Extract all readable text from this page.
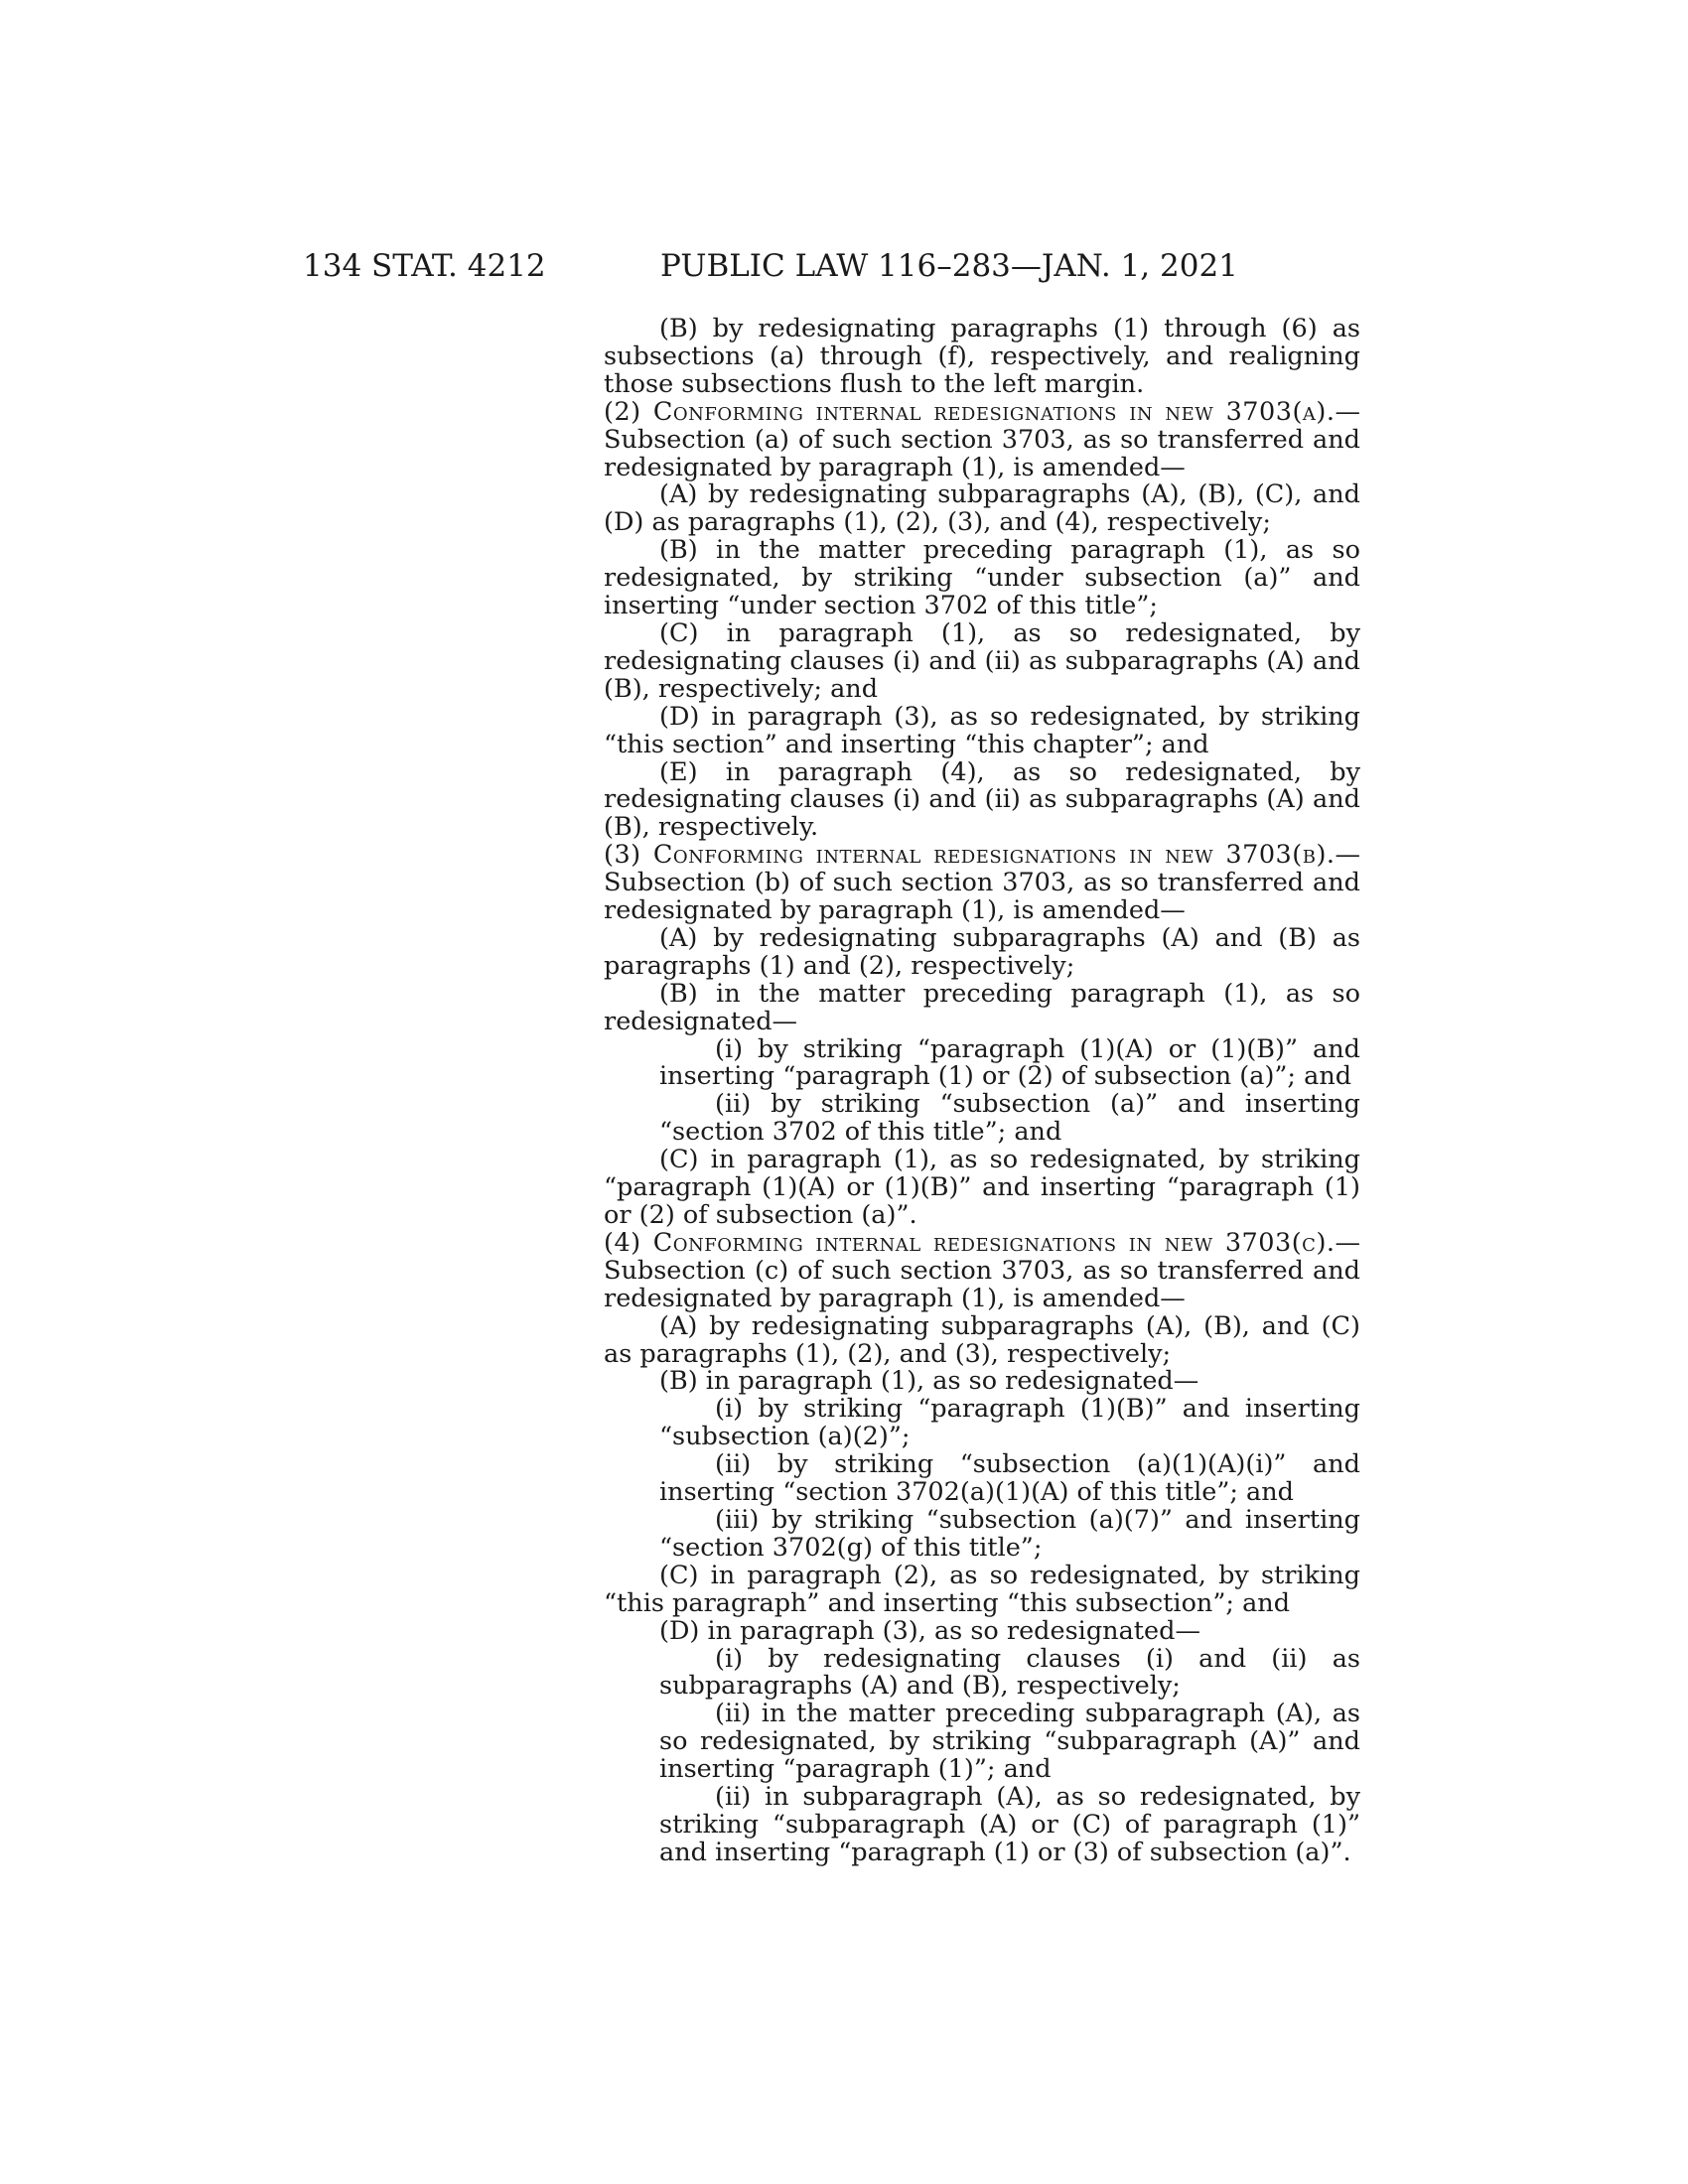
134 STAT. 4212	PUBLIC LAW 116–283—JAN. 1, 2021
(B) by redesignating paragraphs (1) through (6) as subsections (a) through (f), respectively, and realigning those subsections flush to the left margin.
(2) Conforming internal redesignations in new 3703(a).—Subsection (a) of such section 3703, as so transferred and redesignated by paragraph (1), is amended—
(A) by redesignating subparagraphs (A), (B), (C), and (D) as paragraphs (1), (2), (3), and (4), respectively;
(B) in the matter preceding paragraph (1), as so redesignated, by striking “under subsection (a)” and inserting “under section 3702 of this title”;
(C) in paragraph (1), as so redesignated, by redesignating clauses (i) and (ii) as subparagraphs (A) and (B), respectively; and
(D) in paragraph (3), as so redesignated, by striking “this section” and inserting “this chapter”; and
(E) in paragraph (4), as so redesignated, by redesignating clauses (i) and (ii) as subparagraphs (A) and (B), respectively.
(3) Conforming internal redesignations in new 3703(b).—Subsection (b) of such section 3703, as so transferred and redesignated by paragraph (1), is amended—
(A) by redesignating subparagraphs (A) and (B) as paragraphs (1) and (2), respectively;
(B) in the matter preceding paragraph (1), as so redesignated—
(i) by striking “paragraph (1)(A) or (1)(B)” and inserting “paragraph (1) or (2) of subsection (a)”; and
(ii) by striking “subsection (a)” and inserting “section 3702 of this title”; and
(C) in paragraph (1), as so redesignated, by striking “paragraph (1)(A) or (1)(B)” and inserting “paragraph (1) or (2) of subsection (a)”.
(4) Conforming internal redesignations in new 3703(c).—Subsection (c) of such section 3703, as so transferred and redesignated by paragraph (1), is amended—
(A) by redesignating subparagraphs (A), (B), and (C) as paragraphs (1), (2), and (3), respectively;
(B) in paragraph (1), as so redesignated—
(i) by striking “paragraph (1)(B)” and inserting “subsection (a)(2)”;
(ii) by striking “subsection (a)(1)(A)(i)” and inserting “section 3702(a)(1)(A) of this title”; and
(iii) by striking “subsection (a)(7)” and inserting “section 3702(g) of this title”;
(C) in paragraph (2), as so redesignated, by striking “this paragraph” and inserting “this subsection”; and
(D) in paragraph (3), as so redesignated—
(i) by redesignating clauses (i) and (ii) as subparagraphs (A) and (B), respectively;
(ii) in the matter preceding subparagraph (A), as so redesignated, by striking “subparagraph (A)” and inserting “paragraph (1)”; and
(ii) in subparagraph (A), as so redesignated, by striking “subparagraph (A) or (C) of paragraph (1)” and inserting “paragraph (1) or (3) of subsection (a)”.
